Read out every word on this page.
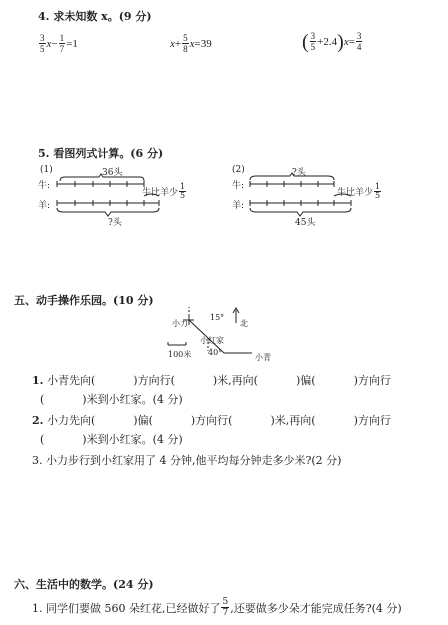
4. 求未知数 x。(9 分)
$\frac{3}{5}$ $x - \frac{1}{7} =1$	$x + \frac{5}{8}$ x =39	( $\frac{3}{5} +2.4$ ) $x = \frac{3}{4}$
5. 看图列式计算。(6 分)
(1)
牛:
羊:
36头
牛比羊少 $\frac{1}{5}$
?头
(2)
牛:
羊:
?头
牛比羊少 $\frac{1}{5}$
45头
五、动手操作乐园。(10 分)
小力
15°
北
小红家
100米 40°
小青
1. 小青先向(	)方向行(	)米,再向(	)偏(	)方向行
(	)米到小红家。(4 分)
2. 小力先向(	)偏(	)方向行(	)米,再向(	)方向行
(	)米到小红家。(4 分)
3. 小力步行到小红家用了 4 分钟,他平均每分钟走多少米?(2 分)
六、生活中的数学。(24 分)
1. 同学们要做 560 朵红花,已经做好了 $\frac{5}{7}$ ,还要做多少朵才能完成任务?(4 分)
